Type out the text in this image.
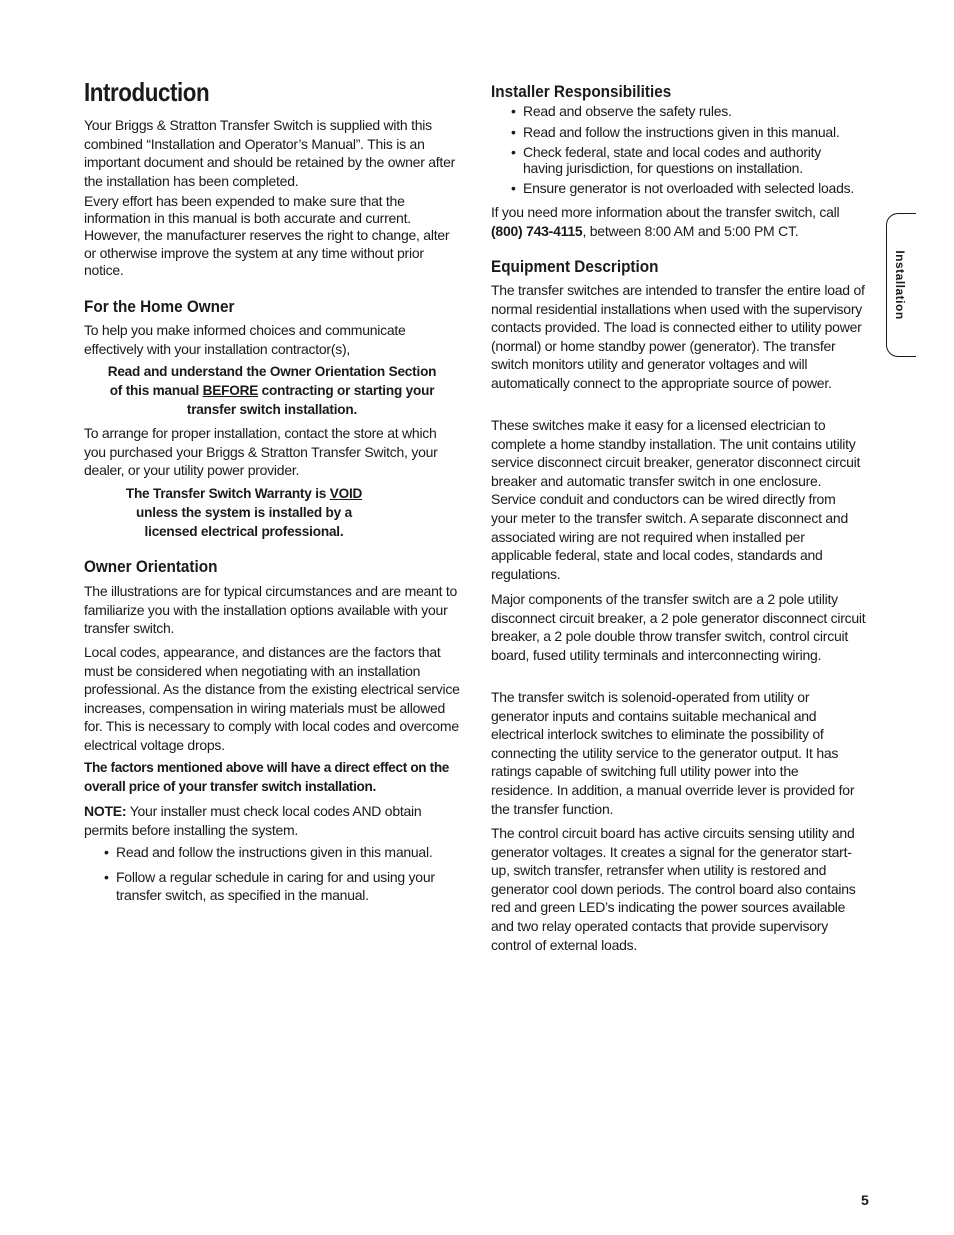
Introduction

Your Briggs & Stratton Transfer Switch is supplied with this combined “Installation and Operator’s Manual”. This is an important document and should be retained by the owner after the installation has been completed.

Every effort has been expended to make sure that the information in this manual is both accurate and current. However, the manufacturer reserves the right to change, alter or otherwise improve the system at any time without prior notice.

For the Home Owner

To help you make informed choices and communicate effectively with your installation contractor(s),

Read and understand the Owner Orientation Section
of this manual BEFORE contracting or starting your
transfer switch installation.

To arrange for proper installation, contact the store at which you purchased your Briggs & Stratton Transfer Switch, your dealer, or your utility power provider.

The Transfer Switch Warranty is VOID
unless the system is installed by a
licensed electrical professional.
Owner Orientation

The illustrations are for typical circumstances and are meant to familiarize you with the installation options available with your transfer switch.

Local codes, appearance, and distances are the factors that must be considered when negotiating with an installation professional. As the distance from the existing electrical service increases, compensation in wiring materials must be allowed for. This is necessary to comply with local codes and overcome electrical voltage drops.

The factors mentioned above will have a direct effect on the overall price of your transfer switch installation.

NOTE: Your installer must check local codes AND obtain permits before installing the system.

• Read and follow the instructions given in this manual.
• Follow a regular schedule in caring for and using your transfer switch, as specified in the manual.
Installer Responsibilities
• Read and observe the safety rules.
• Read and follow the instructions given in this manual.
• Check federal, state and local codes and authority having jurisdiction, for questions on installation.
• Ensure generator is not overloaded with selected loads.

If you need more information about the transfer switch, call (800) 743-4115, between 8:00 AM and 5:00 PM CT.

Equipment Description

The transfer switches are intended to transfer the entire load of normal residential installations when used with the supervisory contacts provided. The load is connected either to utility power (normal) or home standby power (generator). The transfer switch monitors utility and generator voltages and will automatically connect to the appropriate source of power.

These switches make it easy for a licensed electrician to complete a home standby installation. The unit contains utility service disconnect circuit breaker, generator disconnect circuit breaker and automatic transfer switch in one enclosure. Service conduit and conductors can be wired directly from your meter to the transfer switch. A separate disconnect and associated wiring are not required when installed per applicable federal, state and local codes, standards and regulations.

Major components of the transfer switch are a 2 pole utility disconnect circuit breaker, a 2 pole generator disconnect circuit breaker, a 2 pole double throw transfer switch, control circuit board, fused utility terminals and interconnecting wiring.

The transfer switch is solenoid-operated from utility or generator inputs and contains suitable mechanical and electrical interlock switches to eliminate the possibility of connecting the utility service to the generator output. It has ratings capable of switching full utility power into the residence. In addition, a manual override lever is provided for the transfer function.

The control circuit board has active circuits sensing utility and generator voltages. It creates a signal for the generator start-up, switch transfer, retransfer when utility is restored and generator cool down periods. The control board also contains red and green LED’s indicating the power sources available and two relay operated contacts that provide supervisory control of external loads.

Installation
5
